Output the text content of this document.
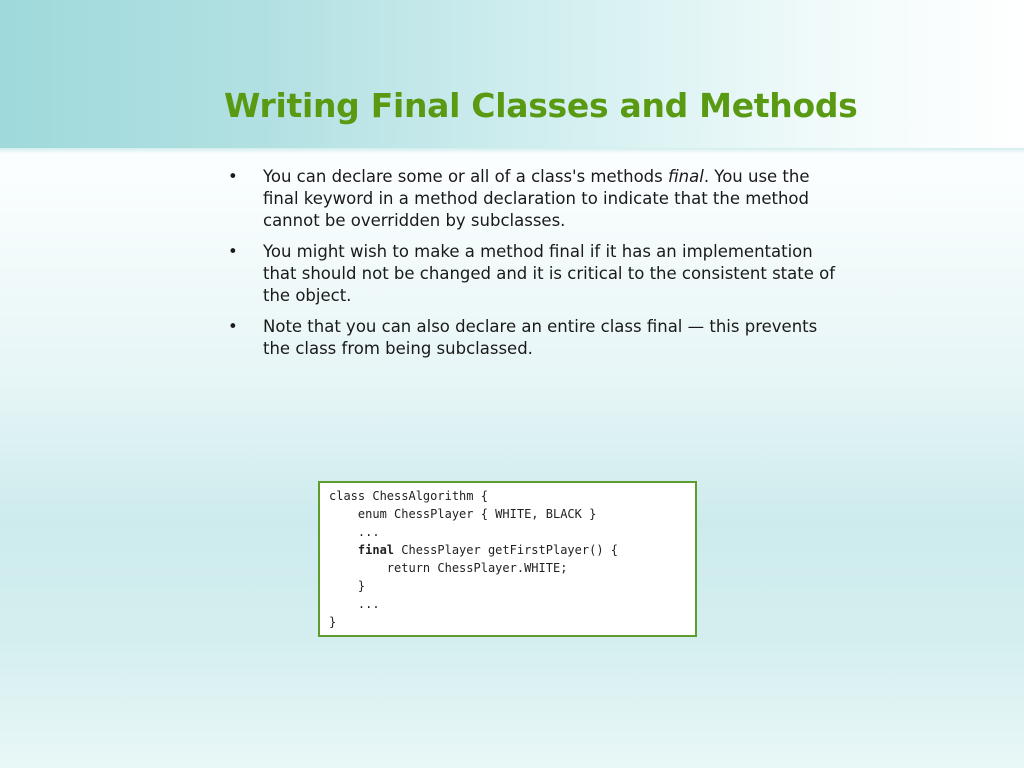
Writing Final Classes and Methods
• You can declare some or all of a class's methods final. You use the final keyword in a method declaration to indicate that the method cannot be overridden by subclasses.
• You might wish to make a method final if it has an implementation that should not be changed and it is critical to the consistent state of the object.
• Note that you can also declare an entire class final — this prevents the class from being subclassed.
class ChessAlgorithm {
enum ChessPlayer { WHITE, BLACK }
...
final ChessPlayer getFirstPlayer() {
return ChessPlayer.WHITE;
}
...
}
